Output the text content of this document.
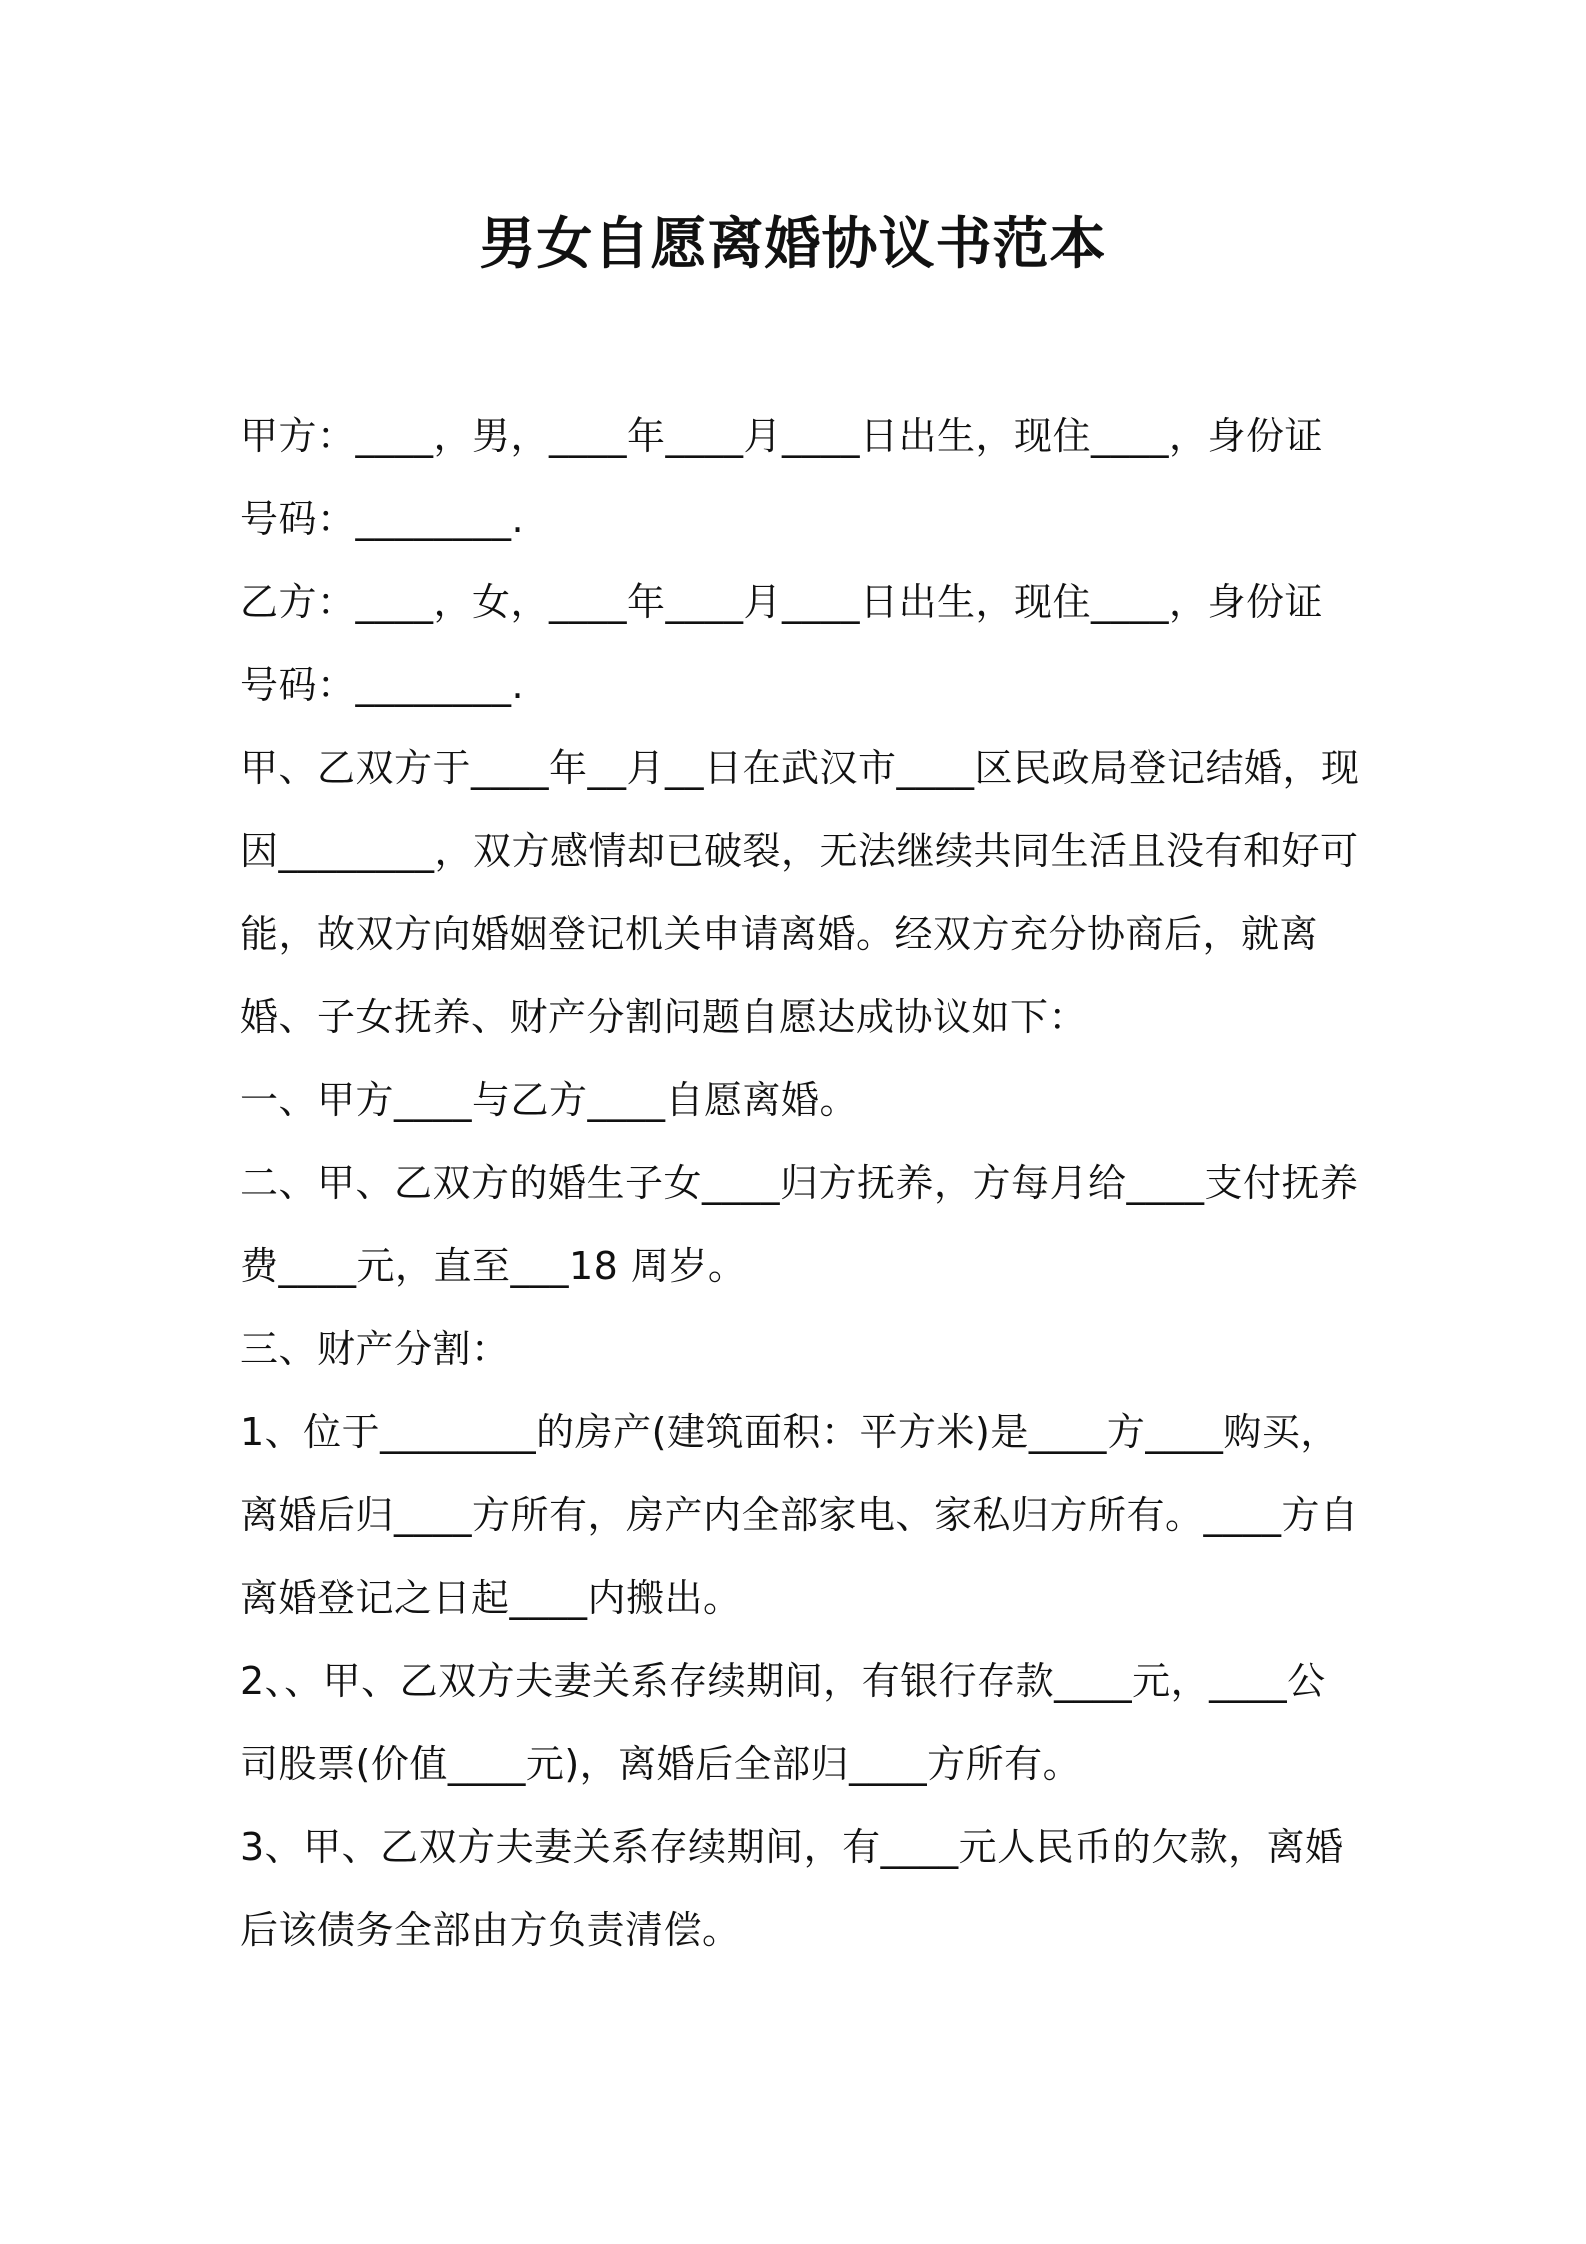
男女自愿离婚协议书范本

甲方：____，男，____年____月____日出生，现住____，身份证号码：________.

乙方：____，女，____年____月____日出生，现住____，身份证号码：________.

甲、乙双方于____年__月__日在武汉市____区民政局登记结婚，现因________，双方感情却已破裂，无法继续共同生活且没有和好可能，故双方向婚姻登记机关申请离婚。经双方充分协商后，就离婚、子女抚养、财产分割问题自愿达成协议如下：

一、甲方____与乙方____自愿离婚。

二、甲、乙双方的婚生子女____归方抚养，方每月给____支付抚养费____元，直至___18 周岁。

三、财产分割：

1、位于________的房产(建筑面积：平方米)是____方____购买，离婚后归____方所有，房产内全部家电、家私归方所有。____方自离婚登记之日起____内搬出。

2、、甲、乙双方夫妻关系存续期间，有银行存款____元，____公司股票(价值____元)，离婚后全部归____方所有。

3、甲、乙双方夫妻关系存续期间，有____元人民币的欠款，离婚后该债务全部由方负责清偿。
